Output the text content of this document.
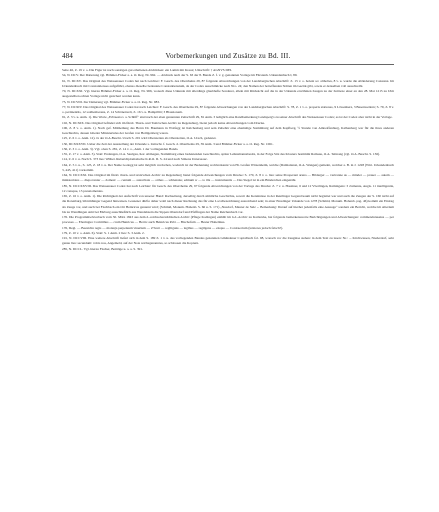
484	Vorbemerkungen und Zusätze zu Bd. III.

Seite 46, Z. 19 v. o. Die Figur ist nach sonstigen gut erhaltenen Abdrücken: ein Lamm mit Kreuz; Umschrift: † AGNVS DEI.

54, N. DCV. Der Datierung vgl. Böhmer-Ficker a. a. O. Reg. Nr. 962. — Abdruck nach der S. 63 der 8. Bande Z. f. v. g. genannten Vorlage im Fürstenh. Urkundenbuch I, 89.

61, N. DCXV. Das Original des Weissenauer Codex hat nach Leichter: F. Gesch. des Oberrheins 29, 87 folgende Abweichungen von der Landsbergischen Abschrift: Z. 15 v. o. holent so: altholtes, 8 v. u. wurde die Abänderung Constanz. Im Urkundenbuch mit Constantienses aufgeführt, ebenso dieselbe bedeutete Constantiensium, da der Codex ausschmücke nach Nro. 24; den Namen der betreffenden Stätten im Gezirk gibt, sowie er denselben voll ausschreibt.

70, N. DCXXI. Vgl. hierzu Böhmer-Ficker a. a. O. Reg. Nr. 966, wonach diese Urkunde mit allerdings glaubhafte Sonderer, allein mit Rücksicht auf die in der Urkunde erwähnten Zeugen zu der Zeitnote einer an den 28. Mai 1215 zu Ulm ausgestellten echten Vorlage nicht gesichert werden kann.

75, N. DCVIII. Zur Datierung vgl. Böhmer-Ficker a. a. O. Reg. Nr. 983.

77, N. DCXIV. Das Original des Weissenauer Codex hat nach Leichter: F. Gesch. des Oberrheins 29, 87 folgende Abweichungen von der Landsbergischen Abschrift: S. 78, Z. 1 v. o. properis stationes, 9 Löwenherz, 3 Basenweilern; S. 79, Z. 8 v. o. pertinentiis, 12 soldienberens, Z. 14 Schönenvelt, Z. 16 v. u. Bampillitt; 3 Blassionem.

91, Z. 3 v. u. Anm. 1). Die Worte „Erlöseata i. a. Schliff“ sind nach der eben genannten Zeitschrift 29, 81 Anm. 3 lediglich eine Randbemerkung Landsperg's zu seiner Abschrift des Weissenauer Codex; es ist der Codex aber nicht in der Vorlage.

102, N. DCXIX. Das Original befindet sich im fürstl. Thurn- und Taxis'schen Archiv zu Regensburg, bietet jedoch keine Abweichungen vom Drucke.

106, Z. 8 v. o. Anm. 1). Nach gef. Mittheilung des Herrn Dr. Baumann in Wolfegg ist Kalchesberg und sein Zubehör eine ehemalige Stammburg auf dem Kapfberg, ½ Stunde von Amtsoffenburg, Kalhenberg war für die ihres anderen Geschlechts, dessen Glieder Ministeriales der Grafen von Heiligenberg waren.

125, Z. 6 v. o. Anm. 12). Ja der O.A.Beschr. Urach S. 201 wird Oberstetten als Oberstetten, O.A. Urach, gedeutet.

130, DCXXXVII. Ueber die Zeit der Ausstellung der Urkunde s. Zeitschr. f. Gesch. d. Oberrheins 29, 39 Anm. 3 und Böhmer-Ficker a. a. O. Reg. Nr. 1061.

136, Z. 3 v. o. Anm. 3). Vgl. oben S. 281, Z. 14 v. o., Anm. 1 der vorliegenden Bands.

155, Z. 17 v. o. Anm. 3). Statt: Endangen, O.A. Saulgau, lies: Abmagen, Stammburg eines bedeutenden Geschlechts, später Lehnsmannsbesitz, in der Folge Sitz des Klosters bestimmt Ramsau, O.A. Tettnang (vgl. O.A. Beschr. S. 136).

114, Z. 6 v. u. Nach S. 373 lies: Wilhel. Rubertdiplomatische K.R.O. II. S. 24 und nach Simons Unterssauc.

164, Z. 5 v. u., S. 125, Z. 18 v. u. Der Name Godegg ist sehr möglich verdorben, wodurch ist der Bedeutung wohlverkannt von Hr. Grafen Wirzenheim, welche (Dalmatiensi, O.A. Wangen) gemeint, welcher a. B. in J. 1228 (Wirt. Urkundenbuch 3, 445, 411) vorkommt.

164, N. DCCXXI. Das Original im fürstl. thurn- und taxis'schen Archiv zu Regensburg bietet folgende Abweichungen vom Drucke: S. 170, Z. 8 v. o. lies: seine Prosperant aruna — Bilderger — vertranne us — minder — prauer — autem — ministeriales — diepovenier — domest: — centum — autorrhale — orthes — schlenstur, edmum w — to illa — instrumentis — Das Siegel ist in ein Bänderchen eingenäht.

185, N. DCCXXVIII. Das Weissenauer Codex hat nach Leichter: für Gesch. des Oberrheins 29, 97 folgende Abweichungen von der Vorlage des Drucks: Z. 7 v. u. Hasziner, 6 und 12 Vberlingen, Ramingens: 3 clamente, Augis. 11 intelligentia, 12 consque, 13 pressiomentes.

165, Z. 16 v. o. Anm. 1). Die Richtigkeit der Aufschrift von unserer Hand: Rachsebung, derselbig durch sämtliche Geschichte, soweit die Kenntnisse in der Reutlinger Gegend kaum nicht begleitet war und auch die Zeugen der S. 160 nicht auf die Rotenburg-Werrmhinger Gegend hinweisen. Leuzener dürfte daher wohl nach dieser Rechnung das für eine Localbezeichnung ausreichend sein; in einer Ensslinger Urkunde von 1278 (Schmid, Monum. Hohenb. pag. 46) kommt ein Eintrag als Zeuge vor, und auch bei Fischbach ein Ort Heinricus genannt wird; (Schmid, Monum. Hohenb. S. 66 u. S. 171) „Nusdorf, Maurer de Sulz ... Bemerkung: Darauf auf hierher jedenfalls eine Aussage“ sondern ein Bericht, welche im Altertum bis zu Wendlingen Amt bei Ehrburg ausschließlich aus Wendelstein die Sippen Oberndorf und Pfaffingen der Name Reichenbach vor.

176. Die Programmwörterbuch vom 30. März 1843 aus dem d.-reichsoberstädtischen Archiv (Pflege Kodingen) enthält im G.L.Archiv zu Karlsruhe, hat folgende bemerkenswerte Berichtigungen und Abweichungen: commendatuseius — per proceses — Eberingus: Comitibus — crum Hunricus — Hertn: auch Heinricus Pabt — Bischofum — Hester Hohelinus.

176, Degi. — Bezeichn regis — molenja perpetuum vinerium — Z'ivurt — regiliguns — legibus — regilgens — eisquo — Contraectum (letzteres jedoch falsch?).

179, Z. 10 v. o. Anm. 6). Statt: S. 1 Anm. 2 lies: S. 3 Anm. 2.

191, N. DCCVIII. Eine weitere Abschrift liefert sich in dem S. 189 Z. 1 v. u. des vorliegenden Bandes genannten Gmündener Copialbuch fol. 98, wonach vor die Zeugnise stehen: in dem Text zu lesen: Nr.: ... Kirchwiesen, Niederdorf, sehr genau lies: secundum: vobis nos, Angemeld, auf der Nota reichsgenanntes, so schlossen die Kopiern.

285, N. DCCL. Vgl. hierzu Fischer, Beiträge u. a. a. S. 391.
